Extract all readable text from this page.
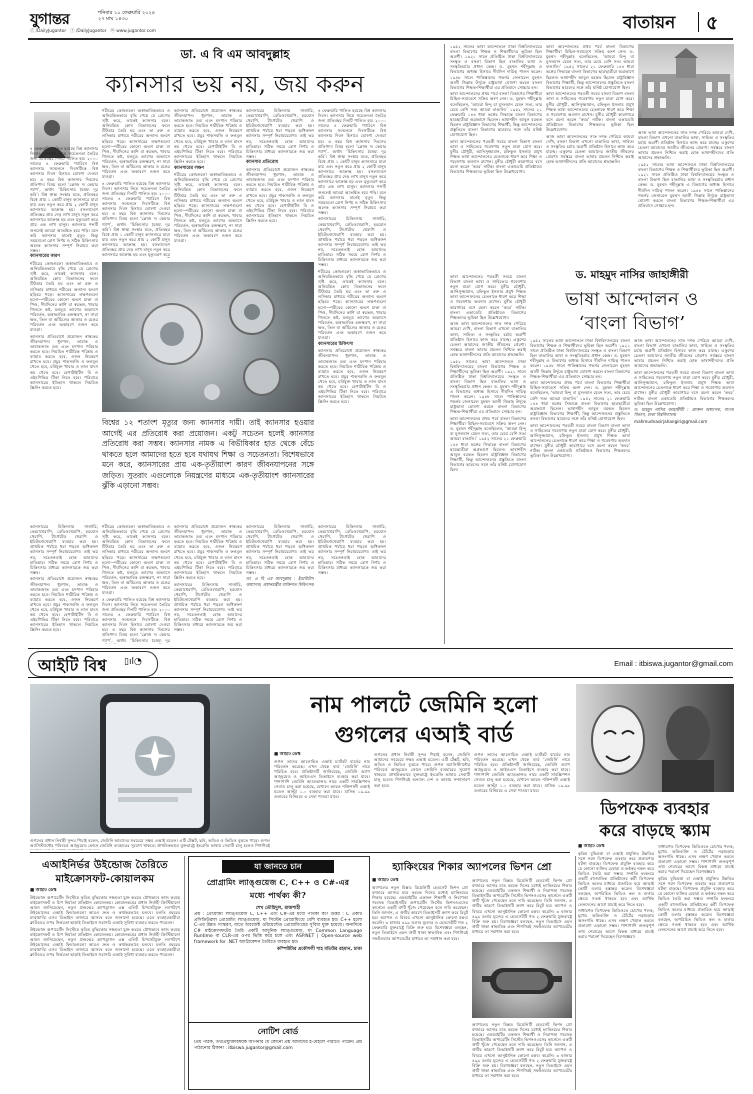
যুগান্তর	শনিবার ১০ ফেব্রুয়ারি ২০২৪
২৭ মাঘ ১৪৩০
ⓕ /DailyJugantor ⓣ /DailyJugantor ⓦ www.jugantor.com	বাতায়ন ৫
ডা. এ বি এম আবদুল্লাহ
ক্যানসার ভয় নয়, জয় করুন

৪ ফেব্রুয়ারি পালিত হয়েছে বিশ্ব ক্যানসার দিবস। ক্যানসার নিয়ে সচেতনতা তৈরির জন্য প্রতিবছর দিনটি পালিত হয়। ২০০০ সালের ৪ ফেব্রুয়ারি প্যারিসে বিশ্ব ক্যানসার সম্মেলনে দিবসটিকে বিশ্ব ক্যানসার দিবস হিসাবে ঘোষণা দেওয়া হয়। এ বছর বিশ্ব ক্যানসার দিবসের প্রতিপাদ্য বিষয় হলো ‘ক্লোজ দ্য কেয়ার গ্যাপ’, অর্থাৎ ‘চিকিৎসায় বৈষম্য দূর করি’। বিশ্ব স্বাস্থ্য সংস্থার মতে, প্রতিবছর বিশ্বে প্রায় ১ কোটি মানুষ ক্যানসারে মারা যায় এবং নতুন করে প্রায় ২ কোটি মানুষ ক্যানসারে আক্রান্ত হয়। বাংলাদেশে প্রতিবছর প্রায় দেড় লাখ মানুষ নতুন করে ক্যানসারে আক্রান্ত হয় এবং মৃত্যুবরণ করে প্রায় এক লাখ মানুষ। ক্যানসার শব্দটি শুনলেই আমরা আতঙ্কিত হয়ে পড়ি। মনে করি ক্যানসার মানেই মৃত্যু। কিন্তু সময়মতো রোগ নির্ণয় ও সঠিক চিকিৎসায় অনেক ক্যানসার সম্পূর্ণ নিরাময় করা সম্ভব।

ক্যানসারের কারণ

শরীরের কোষগুলো অস্বাভাবিকভাবে ও অনিয়ন্ত্রিতভাবে বৃদ্ধি পেয়ে যে রোগের সৃষ্টি করে, তাকেই ক্যানসার বলে। অনিয়ন্ত্রিত কোষ বিভাজনের ফলে টিউমার তৈরি হয় এবং তা রক্ত ও লসিকার মাধ্যমে শরীরের অন্যান্য অংশে ছড়িয়ে পড়ে। ক্যানসারের লক্ষণগুলো হলো—শরীরের কোনো অংশে চাকা বা পিণ্ড, দীর্ঘদিনের কাশি বা স্বরভঙ্গ, খাবার গিলতে কষ্ট, মলমূত্র ত্যাগের অভ্যাসে পরিবর্তন, অস্বাভাবিক রক্তক্ষরণ, না সারা ক্ষত, তিল বা আঁচিলের আকার ও রঙের পরিবর্তন এবং অকারণে ওজন কমে যাওয়া।

ক্যানসার প্রতিরোধে প্রয়োজন স্বাস্থ্যকর জীবনযাপন। ধূমপান, তামাক ও তামাকজাত দ্রব্য এবং মদপান পরিহার করতে হবে। নিয়মিত শারীরিক পরিশ্রম ও ব্যায়াম করতে হবে, ওজন নিয়ন্ত্রণে রাখতে হবে। প্রচুর শাকসবজি ও ফলমূল খেতে হবে, চর্বিযুক্ত খাবার ও লাল মাংস কম খেতে হবে। হেপাটাইটিস বি ও এইচপিভির টিকা নিতে হবে। পরিবারে ক্যানসারের ইতিহাস থাকলে নিয়মিত স্ক্রিনিং করতে হবে।

শরীরের কোষগুলো অস্বাভাবিকভাবে ও অনিয়ন্ত্রিতভাবে বৃদ্ধি পেয়ে যে রোগের সৃষ্টি করে, তাকেই ক্যানসার বলে। অনিয়ন্ত্রিত কোষ বিভাজনের ফলে টিউমার তৈরি হয় এবং তা রক্ত ও লসিকার মাধ্যমে শরীরের অন্যান্য অংশে ছড়িয়ে পড়ে। ক্যানসারের লক্ষণগুলো হলো—শরীরের কোনো অংশে চাকা বা পিণ্ড, দীর্ঘদিনের কাশি বা স্বরভঙ্গ, খাবার গিলতে কষ্ট, মলমূত্র ত্যাগের অভ্যাসে পরিবর্তন, অস্বাভাবিক রক্তক্ষরণ, না সারা ক্ষত, তিল বা আঁচিলের আকার ও রঙের পরিবর্তন এবং অকারণে ওজন কমে যাওয়া।

৪ ফেব্রুয়ারি পালিত হয়েছে বিশ্ব ক্যানসার দিবস। ক্যানসার নিয়ে সচেতনতা তৈরির জন্য প্রতিবছর দিনটি পালিত হয়। ২০০০ সালের ৪ ফেব্রুয়ারি প্যারিসে বিশ্ব ক্যানসার সম্মেলনে দিবসটিকে বিশ্ব ক্যানসার দিবস হিসাবে ঘোষণা দেওয়া হয়। এ বছর বিশ্ব ক্যানসার দিবসের প্রতিপাদ্য বিষয় হলো ‘ক্লোজ দ্য কেয়ার গ্যাপ’, অর্থাৎ ‘চিকিৎসায় বৈষম্য দূর করি’। বিশ্ব স্বাস্থ্য সংস্থার মতে, প্রতিবছর বিশ্বে প্রায় ১ কোটি মানুষ ক্যানসারে মারা যায় এবং নতুন করে প্রায় ২ কোটি মানুষ ক্যানসারে আক্রান্ত হয়। বাংলাদেশে প্রতিবছর প্রায় দেড় লাখ মানুষ নতুন করে ক্যানসারে আক্রান্ত হয় এবং মৃত্যুবরণ করে

ক্যানসার প্রতিরোধে প্রয়োজন স্বাস্থ্যকর জীবনযাপন। ধূমপান, তামাক ও তামাকজাত দ্রব্য এবং মদপান পরিহার করতে হবে। নিয়মিত শারীরিক পরিশ্রম ও ব্যায়াম করতে হবে, ওজন নিয়ন্ত্রণে রাখতে হবে। প্রচুর শাকসবজি ও ফলমূল খেতে হবে, চর্বিযুক্ত খাবার ও লাল মাংস কম খেতে হবে। হেপাটাইটিস বি ও এইচপিভির টিকা নিতে হবে। পরিবারে ক্যানসারের ইতিহাস থাকলে নিয়মিত স্ক্রিনিং করতে হবে।

ক্যানসারের লক্ষণ

শরীরের কোষগুলো অস্বাভাবিকভাবে ও অনিয়ন্ত্রিতভাবে বৃদ্ধি পেয়ে যে রোগের সৃষ্টি করে, তাকেই ক্যানসার বলে। অনিয়ন্ত্রিত কোষ বিভাজনের ফলে টিউমার তৈরি হয় এবং তা রক্ত ও লসিকার মাধ্যমে শরীরের অন্যান্য অংশে ছড়িয়ে পড়ে। ক্যানসারের লক্ষণগুলো হলো—শরীরের কোনো অংশে চাকা বা পিণ্ড, দীর্ঘদিনের কাশি বা স্বরভঙ্গ, খাবার গিলতে কষ্ট, মলমূত্র ত্যাগের অভ্যাসে পরিবর্তন, অস্বাভাবিক রক্তক্ষরণ, না সারা ক্ষত, তিল বা আঁচিলের আকার ও রঙের পরিবর্তন এবং অকারণে ওজন কমে যাওয়া।

ক্যানসারের চিকিৎসায় সার্জারি, কেমোথেরাপি, রেডিওথেরাপি, হরমোন থেরাপি, টার্গেটেড থেরাপি ও ইমিউনোথেরাপি ব্যবহার করা হয়। প্রাথমিক পর্যায়ে ধরা পড়লে অধিকাংশ ক্যানসার সম্পূর্ণ নিরাময়যোগ্য। তাই ভয় নয়, সচেতনতাই হোক আমাদের হাতিয়ার। সঠিক সময়ে রোগ নির্ণয় ও চিকিৎসার মাধ্যমে ক্যানসারকে জয় করা সম্ভব।

ক্যানসার প্রতিরোধ

ক্যানসার প্রতিরোধে প্রয়োজন স্বাস্থ্যকর জীবনযাপন। ধূমপান, তামাক ও তামাকজাত দ্রব্য এবং মদপান পরিহার করতে হবে। নিয়মিত শারীরিক পরিশ্রম ও ব্যায়াম করতে হবে, ওজন নিয়ন্ত্রণে রাখতে হবে। প্রচুর শাকসবজি ও ফলমূল খেতে হবে, চর্বিযুক্ত খাবার ও লাল মাংস কম খেতে হবে। হেপাটাইটিস বি ও এইচপিভির টিকা নিতে হবে। পরিবারে ক্যানসারের ইতিহাস থাকলে নিয়মিত স্ক্রিনিং করতে হবে।

৪ ফেব্রুয়ারি পালিত হয়েছে বিশ্ব ক্যানসার দিবস। ক্যানসার নিয়ে সচেতনতা তৈরির জন্য প্রতিবছর দিনটি পালিত হয়। ২০০০ সালের ৪ ফেব্রুয়ারি প্যারিসে বিশ্ব ক্যানসার সম্মেলনে দিবসটিকে বিশ্ব ক্যানসার দিবস হিসাবে ঘোষণা দেওয়া হয়। এ বছর বিশ্ব ক্যানসার দিবসের প্রতিপাদ্য বিষয় হলো ‘ক্লোজ দ্য কেয়ার গ্যাপ’, অর্থাৎ ‘চিকিৎসায় বৈষম্য দূর করি’। বিশ্ব স্বাস্থ্য সংস্থার মতে, প্রতিবছর বিশ্বে প্রায় ১ কোটি মানুষ ক্যানসারে মারা যায় এবং নতুন করে প্রায় ২ কোটি মানুষ ক্যানসারে আক্রান্ত হয়। বাংলাদেশে প্রতিবছর প্রায় দেড় লাখ মানুষ নতুন করে ক্যানসারে আক্রান্ত হয় এবং মৃত্যুবরণ করে প্রায় এক লাখ মানুষ। ক্যানসার শব্দটি শুনলেই আমরা আতঙ্কিত হয়ে পড়ি। মনে করি ক্যানসার মানেই মৃত্যু। কিন্তু সময়মতো রোগ নির্ণয় ও সঠিক চিকিৎসায় অনেক ক্যানসার সম্পূর্ণ নিরাময় করা সম্ভব।

ক্যানসারের চিকিৎসায় সার্জারি, কেমোথেরাপি, রেডিওথেরাপি, হরমোন থেরাপি, টার্গেটেড থেরাপি ও ইমিউনোথেরাপি ব্যবহার করা হয়। প্রাথমিক পর্যায়ে ধরা পড়লে অধিকাংশ ক্যানসার সম্পূর্ণ নিরাময়যোগ্য। তাই ভয় নয়, সচেতনতাই হোক আমাদের হাতিয়ার। সঠিক সময়ে রোগ নির্ণয় ও চিকিৎসার মাধ্যমে ক্যানসারকে জয় করা সম্ভব।

শরীরের কোষগুলো অস্বাভাবিকভাবে ও অনিয়ন্ত্রিতভাবে বৃদ্ধি পেয়ে যে রোগের সৃষ্টি করে, তাকেই ক্যানসার বলে। অনিয়ন্ত্রিত কোষ বিভাজনের ফলে টিউমার তৈরি হয় এবং তা রক্ত ও লসিকার মাধ্যমে শরীরের অন্যান্য অংশে ছড়িয়ে পড়ে। ক্যানসারের লক্ষণগুলো হলো—শরীরের কোনো অংশে চাকা বা পিণ্ড, দীর্ঘদিনের কাশি বা স্বরভঙ্গ, খাবার গিলতে কষ্ট, মলমূত্র ত্যাগের অভ্যাসে পরিবর্তন, অস্বাভাবিক রক্তক্ষরণ, না সারা ক্ষত, তিল বা আঁচিলের আকার ও রঙের পরিবর্তন এবং অকারণে ওজন কমে যাওয়া।

ক্যানসারের চিকিৎসা

ক্যানসার প্রতিরোধে প্রয়োজন স্বাস্থ্যকর জীবনযাপন। ধূমপান, তামাক ও তামাকজাত দ্রব্য এবং মদপান পরিহার করতে হবে। নিয়মিত শারীরিক পরিশ্রম ও ব্যায়াম করতে হবে, ওজন নিয়ন্ত্রণে রাখতে হবে। প্রচুর শাকসবজি ও ফলমূল খেতে হবে, চর্বিযুক্ত খাবার ও লাল মাংস কম খেতে হবে। হেপাটাইটিস বি ও এইচপিভির টিকা নিতে হবে। পরিবারে ক্যানসারের ইতিহাস থাকলে নিয়মিত স্ক্রিনিং করতে হবে।

বিশ্বের ১২ শতাংশ মৃত্যুর জন্য ক্যানসার দায়ী। তাই ক্যানসার হওয়ার আগেই এর প্রতিরোধ করা প্রয়োজন। একটু সচেতন হলেই ক্যানসার প্রতিরোধ করা সম্ভব। ক্যানসার নামক এ বিভীষিকার হাত থেকে বেঁচে থাকতে হলে আমাদের হতে হবে যথাযথ শিক্ষা ও সচেতনতা। বিশেষভাবে মনে করে, ক্যানসারের প্রায় এক-তৃতীয়াংশ কারণ জীবনযাপনের সঙ্গে জড়িত। সুতরাং এগুলোকে নিয়ন্ত্রণের মাধ্যমে এক-তৃতীয়াংশ ক্যানসারের ঝুঁকি এড়ানো সম্ভব।

ক্যানসারের চিকিৎসায় সার্জারি, কেমোথেরাপি, রেডিওথেরাপি, হরমোন থেরাপি, টার্গেটেড থেরাপি ও ইমিউনোথেরাপি ব্যবহার করা হয়। প্রাথমিক পর্যায়ে ধরা পড়লে অধিকাংশ ক্যানসার সম্পূর্ণ নিরাময়যোগ্য। তাই ভয় নয়, সচেতনতাই হোক আমাদের হাতিয়ার। সঠিক সময়ে রোগ নির্ণয় ও চিকিৎসার মাধ্যমে ক্যানসারকে জয় করা সম্ভব।

ক্যানসার প্রতিরোধে প্রয়োজন স্বাস্থ্যকর জীবনযাপন। ধূমপান, তামাক ও তামাকজাত দ্রব্য এবং মদপান পরিহার করতে হবে। নিয়মিত শারীরিক পরিশ্রম ও ব্যায়াম করতে হবে, ওজন নিয়ন্ত্রণে রাখতে হবে। প্রচুর শাকসবজি ও ফলমূল খেতে হবে, চর্বিযুক্ত খাবার ও লাল মাংস কম খেতে হবে। হেপাটাইটিস বি ও এইচপিভির টিকা নিতে হবে। পরিবারে ক্যানসারের ইতিহাস থাকলে নিয়মিত স্ক্রিনিং করতে হবে।

শরীরের কোষগুলো অস্বাভাবিকভাবে ও অনিয়ন্ত্রিতভাবে বৃদ্ধি পেয়ে যে রোগের সৃষ্টি করে, তাকেই ক্যানসার বলে। অনিয়ন্ত্রিত কোষ বিভাজনের ফলে টিউমার তৈরি হয় এবং তা রক্ত ও লসিকার মাধ্যমে শরীরের অন্যান্য অংশে ছড়িয়ে পড়ে। ক্যানসারের লক্ষণগুলো হলো—শরীরের কোনো অংশে চাকা বা পিণ্ড, দীর্ঘদিনের কাশি বা স্বরভঙ্গ, খাবার গিলতে কষ্ট, মলমূত্র ত্যাগের অভ্যাসে পরিবর্তন, অস্বাভাবিক রক্তক্ষরণ, না সারা ক্ষত, তিল বা আঁচিলের আকার ও রঙের পরিবর্তন এবং অকারণে ওজন কমে যাওয়া।

৪ ফেব্রুয়ারি পালিত হয়েছে বিশ্ব ক্যানসার দিবস। ক্যানসার নিয়ে সচেতনতা তৈরির জন্য প্রতিবছর দিনটি পালিত হয়। ২০০০ সালের ৪ ফেব্রুয়ারি প্যারিসে বিশ্ব ক্যানসার সম্মেলনে দিবসটিকে বিশ্ব ক্যানসার দিবস হিসাবে ঘোষণা দেওয়া হয়। এ বছর বিশ্ব ক্যানসার দিবসের প্রতিপাদ্য বিষয় হলো ‘ক্লোজ দ্য কেয়ার গ্যাপ’, অর্থাৎ ‘চিকিৎসায় বৈষম্য দূর

ক্যানসার প্রতিরোধে প্রয়োজন স্বাস্থ্যকর জীবনযাপন। ধূমপান, তামাক ও তামাকজাত দ্রব্য এবং মদপান পরিহার করতে হবে। নিয়মিত শারীরিক পরিশ্রম ও ব্যায়াম করতে হবে, ওজন নিয়ন্ত্রণে রাখতে হবে। প্রচুর শাকসবজি ও ফলমূল খেতে হবে, চর্বিযুক্ত খাবার ও লাল মাংস কম খেতে হবে। হেপাটাইটিস বি ও এইচপিভির টিকা নিতে হবে। পরিবারে ক্যানসারের ইতিহাস থাকলে নিয়মিত স্ক্রিনিং করতে হবে।

ক্যানসারের চিকিৎসায় সার্জারি, কেমোথেরাপি, রেডিওথেরাপি, হরমোন থেরাপি, টার্গেটেড থেরাপি ও ইমিউনোথেরাপি ব্যবহার করা হয়। প্রাথমিক পর্যায়ে ধরা পড়লে অধিকাংশ ক্যানসার সম্পূর্ণ নিরাময়যোগ্য। তাই ভয় নয়, সচেতনতাই হোক আমাদের হাতিয়ার। সঠিক সময়ে রোগ নির্ণয় ও চিকিৎসার মাধ্যমে ক্যানসারকে জয় করা সম্ভব।

ক্যানসারের চিকিৎসায় সার্জারি, কেমোথেরাপি, রেডিওথেরাপি, হরমোন থেরাপি, টার্গেটেড থেরাপি ও ইমিউনোথেরাপি ব্যবহার করা হয়। প্রাথমিক পর্যায়ে ধরা পড়লে অধিকাংশ ক্যানসার সম্পূর্ণ নিরাময়যোগ্য। তাই ভয় নয়, সচেতনতাই হোক আমাদের হাতিয়ার। সঠিক সময়ে রোগ নির্ণয় ও চিকিৎসার মাধ্যমে ক্যানসারকে জয় করা সম্ভব।

ডা. এ বি এম আবদুল্লাহ : ইমেরিটাস অধ্যাপক, প্রধানমন্ত্রীর ব্যক্তিগত চিকিৎসক

ক্যানসারের চিকিৎসায় সার্জারি, কেমোথেরাপি, রেডিওথেরাপি, হরমোন থেরাপি, টার্গেটেড থেরাপি ও ইমিউনোথেরাপি ব্যবহার করা হয়। প্রাথমিক পর্যায়ে ধরা পড়লে অধিকাংশ ক্যানসার সম্পূর্ণ নিরাময়যোগ্য। তাই ভয় নয়, সচেতনতাই হোক আমাদের হাতিয়ার। সঠিক সময়ে রোগ নির্ণয় ও চিকিৎসার মাধ্যমে ক্যানসারকে জয় করা সম্ভব।

১৯৫২ সালের ভাষা আন্দোলনে ঢাকা বিশ্ববিদ্যালয়ের বাংলা বিভাগের শিক্ষক ও শিক্ষার্থীদের ভূমিকা ছিল অগ্রণী। ১৯২১ সালে প্রতিষ্ঠিত ঢাকা বিশ্ববিদ্যালয়ের সংস্কৃত ও বাংলা বিভাগ ছিল বাঙালির ভাষা ও সংস্কৃতিচর্চার প্রধান কেন্দ্র। ড. মুহম্মদ শহীদুল্লাহ এ বিভাগের অধ্যক্ষ হিসাবে দীর্ঘদিন দায়িত্ব পালন করেন। ১৯৪৮ সালে পাকিস্তানের গভর্নর জেনারেল মুহম্মদ আলী জিন্নাহ উর্দুকে রাষ্ট্রভাষা ঘোষণা করলে বাংলা বিভাগের শিক্ষক-শিক্ষার্থীরা এর প্রতিবাদে সোচ্চার হন।

ভাষা আন্দোলনের প্রথম পর্বে বাংলা বিভাগের শিক্ষার্থীরা মিছিল-সমাবেশে সক্রিয় অংশ নেন। ড. মুহম্মদ শহীদুল্লাহ বলেছিলেন, ‘আমরা হিন্দু বা মুসলমান যেমন সত্য, তার চেয়ে বেশি সত্য আমরা বাঙালি।’ ১৯৫২ সালের ২১ ফেব্রুয়ারি ১৪৪ ধারা ভঙ্গের সিদ্ধান্তে বাংলা বিভাগের ছাত্রছাত্রীরা অগ্রভাগে ছিলেন। ভাষাশহীদ আবুল বরকত ছিলেন রাষ্ট্রবিজ্ঞান বিভাগের শিক্ষার্থী, কিন্তু আন্দোলনের প্রস্তুতিতে বাংলা বিভাগের ছাত্রদের সঙ্গে তাঁর ঘনিষ্ঠ যোগাযোগ ছিল।

ভাষা আন্দোলনের পরবর্তী সময়ে বাংলা বিভাগ বাংলা ভাষা ও সাহিত্যের গবেষণায় নতুন মাত্রা যোগ করে। মুনীর চৌধুরী, আনিসুজ্জামান, রফিকুল ইসলাম প্রমুখ শিক্ষক ভাষা আন্দোলনের চেতনাকে ধারণ করে শিক্ষা ও গবেষণায় অবদান রাখেন। মুনীর চৌধুরী কারাগারে বসে রচনা করেন ‘কবর’ নাটক। বাংলা একাডেমি প্রতিষ্ঠায়ও বিভাগের শিক্ষকদের ভূমিকা ছিল উল্লেখযোগ্য।

ভাষা আন্দোলনের প্রথম পর্বে বাংলা বিভাগের শিক্ষার্থীরা মিছিল-সমাবেশে সক্রিয় অংশ নেন। ড. মুহম্মদ শহীদুল্লাহ বলেছিলেন, ‘আমরা হিন্দু বা মুসলমান যেমন সত্য, তার চেয়ে বেশি সত্য আমরা বাঙালি।’ ১৯৫২ সালের ২১ ফেব্রুয়ারি ১৪৪ ধারা ভঙ্গের সিদ্ধান্তে বাংলা বিভাগের ছাত্রছাত্রীরা অগ্রভাগে ছিলেন। ভাষাশহীদ আবুল বরকত ছিলেন রাষ্ট্রবিজ্ঞান বিভাগের শিক্ষার্থী, কিন্তু আন্দোলনের প্রস্তুতিতে বাংলা বিভাগের ছাত্রদের সঙ্গে তাঁর ঘনিষ্ঠ যোগাযোগ ছিল।

ভাষা আন্দোলনের পরবর্তী সময়ে বাংলা বিভাগ বাংলা ভাষা ও সাহিত্যের গবেষণায় নতুন মাত্রা যোগ করে। মুনীর চৌধুরী, আনিসুজ্জামান, রফিকুল ইসলাম প্রমুখ শিক্ষক ভাষা আন্দোলনের চেতনাকে ধারণ করে শিক্ষা ও গবেষণায় অবদান রাখেন। মুনীর চৌধুরী কারাগারে বসে রচনা করেন ‘কবর’ নাটক। বাংলা একাডেমি প্রতিষ্ঠায়ও বিভাগের শিক্ষকদের ভূমিকা ছিল উল্লেখযোগ্য।

আজ ভাষা আন্দোলনের সাত দশক পেরিয়ে আমরা দেখি, বাংলা বিভাগ এখনো বাঙালির ভাষা, সাহিত্য ও সংস্কৃতির চর্চায় অগ্রণী প্রতিষ্ঠান হিসাবে কাজ করে যাচ্ছে। একুশের চেতনা আমাদের জাতীয় জীবনের প্রেরণা। সর্বস্তরে বাংলা ভাষার প্রচলন নিশ্চিত করাই হোক ভাষাশহীদদের প্রতি আমাদের শ্রদ্ধাঞ্জলি।

আজ ভাষা আন্দোলনের সাত দশক পেরিয়ে আমরা দেখি, বাংলা বিভাগ এখনো বাঙালির ভাষা, সাহিত্য ও সংস্কৃতির চর্চায় অগ্রণী প্রতিষ্ঠান হিসাবে কাজ করে যাচ্ছে। একুশের চেতনা আমাদের জাতীয় জীবনের প্রেরণা। সর্বস্তরে বাংলা ভাষার প্রচলন নিশ্চিত করাই হোক ভাষাশহীদদের প্রতি আমাদের শ্রদ্ধাঞ্জলি।

১৯৫২ সালের ভাষা আন্দোলনে ঢাকা বিশ্ববিদ্যালয়ের বাংলা বিভাগের শিক্ষক ও শিক্ষার্থীদের ভূমিকা ছিল অগ্রণী। ১৯২১ সালে প্রতিষ্ঠিত ঢাকা বিশ্ববিদ্যালয়ের সংস্কৃত ও বাংলা বিভাগ ছিল বাঙালির ভাষা ও সংস্কৃতিচর্চার প্রধান কেন্দ্র। ড. মুহম্মদ শহীদুল্লাহ এ বিভাগের অধ্যক্ষ হিসাবে দীর্ঘদিন দায়িত্ব পালন করেন। ১৯৪৮ সালে পাকিস্তানের গভর্নর জেনারেল মুহম্মদ আলী জিন্নাহ উর্দুকে রাষ্ট্রভাষা ঘোষণা করলে বাংলা বিভাগের শিক্ষক-শিক্ষার্থীরা এর প্রতিবাদে সোচ্চার হন।

ড. মাহমুদ নাসির জাহাঙ্গীরী
ভাষা আন্দোলন ও
‘বাংলা বিভাগ’

ভাষা আন্দোলনের পরবর্তী সময়ে বাংলা বিভাগ বাংলা ভাষা ও সাহিত্যের গবেষণায় নতুন মাত্রা যোগ করে। মুনীর চৌধুরী, আনিসুজ্জামান, রফিকুল ইসলাম প্রমুখ শিক্ষক ভাষা আন্দোলনের চেতনাকে ধারণ করে শিক্ষা ও গবেষণায় অবদান রাখেন। মুনীর চৌধুরী কারাগারে বসে রচনা করেন ‘কবর’ নাটক। বাংলা একাডেমি প্রতিষ্ঠায়ও বিভাগের শিক্ষকদের ভূমিকা ছিল উল্লেখযোগ্য।

আজ ভাষা আন্দোলনের সাত দশক পেরিয়ে আমরা দেখি, বাংলা বিভাগ এখনো বাঙালির ভাষা, সাহিত্য ও সংস্কৃতির চর্চায় অগ্রণী প্রতিষ্ঠান হিসাবে কাজ করে যাচ্ছে। একুশের চেতনা আমাদের জাতীয় জীবনের প্রেরণা। সর্বস্তরে বাংলা ভাষার প্রচলন নিশ্চিত করাই হোক ভাষাশহীদদের প্রতি আমাদের শ্রদ্ধাঞ্জলি।

১৯৫২ সালের ভাষা আন্দোলনে ঢাকা বিশ্ববিদ্যালয়ের বাংলা বিভাগের শিক্ষক ও শিক্ষার্থীদের ভূমিকা ছিল অগ্রণী। ১৯২১ সালে প্রতিষ্ঠিত ঢাকা বিশ্ববিদ্যালয়ের সংস্কৃত ও বাংলা বিভাগ ছিল বাঙালির ভাষা ও সংস্কৃতিচর্চার প্রধান কেন্দ্র। ড. মুহম্মদ শহীদুল্লাহ এ বিভাগের অধ্যক্ষ হিসাবে দীর্ঘদিন দায়িত্ব পালন করেন। ১৯৪৮ সালে পাকিস্তানের গভর্নর জেনারেল মুহম্মদ আলী জিন্নাহ উর্দুকে রাষ্ট্রভাষা ঘোষণা করলে বাংলা বিভাগের শিক্ষক-শিক্ষার্থীরা এর প্রতিবাদে সোচ্চার হন।

ভাষা আন্দোলনের প্রথম পর্বে বাংলা বিভাগের শিক্ষার্থীরা মিছিল-সমাবেশে সক্রিয় অংশ নেন। ড. মুহম্মদ শহীদুল্লাহ বলেছিলেন, ‘আমরা হিন্দু বা মুসলমান যেমন সত্য, তার চেয়ে বেশি সত্য আমরা বাঙালি।’ ১৯৫২ সালের ২১ ফেব্রুয়ারি ১৪৪ ধারা ভঙ্গের সিদ্ধান্তে বাংলা বিভাগের ছাত্রছাত্রীরা অগ্রভাগে ছিলেন। ভাষাশহীদ আবুল বরকত ছিলেন রাষ্ট্রবিজ্ঞান বিভাগের শিক্ষার্থী, কিন্তু আন্দোলনের প্রস্তুতিতে বাংলা বিভাগের ছাত্রদের সঙ্গে তাঁর ঘনিষ্ঠ যোগাযোগ ছিল।

১৯৫২ সালের ভাষা আন্দোলনে ঢাকা বিশ্ববিদ্যালয়ের বাংলা বিভাগের শিক্ষক ও শিক্ষার্থীদের ভূমিকা ছিল অগ্রণী। ১৯২১ সালে প্রতিষ্ঠিত ঢাকা বিশ্ববিদ্যালয়ের সংস্কৃত ও বাংলা বিভাগ ছিল বাঙালির ভাষা ও সংস্কৃতিচর্চার প্রধান কেন্দ্র। ড. মুহম্মদ শহীদুল্লাহ এ বিভাগের অধ্যক্ষ হিসাবে দীর্ঘদিন দায়িত্ব পালন করেন। ১৯৪৮ সালে পাকিস্তানের গভর্নর জেনারেল মুহম্মদ আলী জিন্নাহ উর্দুকে রাষ্ট্রভাষা ঘোষণা করলে বাংলা বিভাগের শিক্ষক-শিক্ষার্থীরা এর প্রতিবাদে সোচ্চার হন।

ভাষা আন্দোলনের প্রথম পর্বে বাংলা বিভাগের শিক্ষার্থীরা মিছিল-সমাবেশে সক্রিয় অংশ নেন। ড. মুহম্মদ শহীদুল্লাহ বলেছিলেন, ‘আমরা হিন্দু বা মুসলমান যেমন সত্য, তার চেয়ে বেশি সত্য আমরা বাঙালি।’ ১৯৫২ সালের ২১ ফেব্রুয়ারি ১৪৪ ধারা ভঙ্গের সিদ্ধান্তে বাংলা বিভাগের ছাত্রছাত্রীরা অগ্রভাগে ছিলেন। ভাষাশহীদ আবুল বরকত ছিলেন রাষ্ট্রবিজ্ঞান বিভাগের শিক্ষার্থী, কিন্তু আন্দোলনের প্রস্তুতিতে বাংলা বিভাগের ছাত্রদের সঙ্গে তাঁর ঘনিষ্ঠ যোগাযোগ ছিল।

ভাষা আন্দোলনের পরবর্তী সময়ে বাংলা বিভাগ বাংলা ভাষা ও সাহিত্যের গবেষণায় নতুন মাত্রা যোগ করে। মুনীর চৌধুরী, আনিসুজ্জামান, রফিকুল ইসলাম প্রমুখ শিক্ষক ভাষা আন্দোলনের চেতনাকে ধারণ করে শিক্ষা ও গবেষণায় অবদান রাখেন। মুনীর চৌধুরী কারাগারে বসে রচনা করেন ‘কবর’ নাটক। বাংলা একাডেমি প্রতিষ্ঠায়ও বিভাগের শিক্ষকদের ভূমিকা ছিল উল্লেখযোগ্য।

আজ ভাষা আন্দোলনের সাত দশক পেরিয়ে আমরা দেখি, বাংলা বিভাগ এখনো বাঙালির ভাষা, সাহিত্য ও সংস্কৃতির চর্চায় অগ্রণী প্রতিষ্ঠান হিসাবে কাজ করে যাচ্ছে। একুশের চেতনা আমাদের জাতীয় জীবনের প্রেরণা। সর্বস্তরে বাংলা ভাষার প্রচলন নিশ্চিত করাই হোক ভাষাশহীদদের প্রতি আমাদের শ্রদ্ধাঞ্জলি।

ভাষা আন্দোলনের পরবর্তী সময়ে বাংলা বিভাগ বাংলা ভাষা ও সাহিত্যের গবেষণায় নতুন মাত্রা যোগ করে। মুনীর চৌধুরী, আনিসুজ্জামান, রফিকুল ইসলাম প্রমুখ শিক্ষক ভাষা আন্দোলনের চেতনাকে ধারণ করে শিক্ষা ও গবেষণায় অবদান রাখেন। মুনীর চৌধুরী কারাগারে বসে রচনা করেন ‘কবর’ নাটক। বাংলা একাডেমি প্রতিষ্ঠায়ও বিভাগের শিক্ষকদের ভূমিকা ছিল উল্লেখযোগ্য।

ড. মাহমুদ নাসির জাহাঙ্গীরী : প্রাক্তন অধ্যাপক, বাংলা বিভাগ, ঢাকা বিশ্ববিদ্যালয়

mahmudnasirjahangiri@gmail.com

আইটি বিশ্ব ▯ıl◔	Email : itbiswa.jugantor@gmail.com
নাম পালটে জেমিনি হলো
গুগলের এআই বার্ড

■ আইটি ডেস্ক

গুগল তাদের আলোচিত এআই চ্যাটবট বার্ডের নাম পরিবর্তন করেছে। এখন থেকে বার্ড ‘জেমিনি’ নামে পরিচিত হবে। প্রতিষ্ঠানটি জানিয়েছে, জেমিনি অ্যাপ অ্যান্ড্রয়েড ও আইওএস ডিভাইসে ব্যবহার করা যাবে। পাশাপাশি জেমিনি অ্যাডভান্সড নামে একটি সাবস্ক্রিপশন সেবাও চালু করা হয়েছে, যেখানে আরও শক্তিশালী এআই মডেল আল্ট্রা ১.০ ব্যবহার করা যাবে। মাসিক ১৯.৯৯ ডলারের বিনিময়ে এ সেবা পাওয়া যাবে।

গুগলের প্রধান নির্বাহী সুন্দর পিচাই বলেন, জেমিনি আমাদের সবচেয়ে সক্ষম এআই মডেল। এটি টেক্সট, ছবি, অডিও ও ভিডিও বুঝতে পারে। গুগল অ্যাসিস্ট্যান্টের পরিবর্তে অ্যান্ড্রয়েড ফোনে জেমিনি ব্যবহারের সুযোগ থাকবে। প্রাথমিকভাবে যুক্তরাষ্ট্রে ইংরেজি ভাষায় সেবাটি চালু হলেও শিগগিরই অন্যান্য দেশ ও ভাষায় সম্প্রসারণ করা হবে।

গুগল তাদের আলোচিত এআই চ্যাটবট বার্ডের নাম পরিবর্তন করেছে। এখন থেকে বার্ড ‘জেমিনি’ নামে পরিচিত হবে। প্রতিষ্ঠানটি জানিয়েছে, জেমিনি অ্যাপ অ্যান্ড্রয়েড ও আইওএস ডিভাইসে ব্যবহার করা যাবে। পাশাপাশি জেমিনি অ্যাডভান্সড নামে একটি সাবস্ক্রিপশন সেবাও চালু করা হয়েছে, যেখানে আরও শক্তিশালী এআই মডেল আল্ট্রা ১.০ ব্যবহার করা যাবে। মাসিক ১৯.৯৯ ডলারের বিনিময়ে এ সেবা পাওয়া যাবে।

গুগলের প্রধান নির্বাহী সুন্দর পিচাই বলেন, জেমিনি আমাদের সবচেয়ে সক্ষম এআই মডেল। এটি টেক্সট, ছবি, অডিও ও ভিডিও বুঝতে পারে। গুগল অ্যাসিস্ট্যান্টের পরিবর্তে অ্যান্ড্রয়েড ফোনে জেমিনি ব্যবহারের সুযোগ থাকবে। প্রাথমিকভাবে যুক্তরাষ্ট্রে ইংরেজি ভাষায় সেবাটি চালু হলেও শিগগিরই

ডিপফেক ব্যবহার
করে বাড়ছে স্ক্যাম
এআইনির্ভর উইন্ডোজ তৈরিতে
মাইক্রোসফট-কোয়ালকম

■ আইটি ডেস্ক

উইন্ডোজ অপারেটিং সিস্টেমে কৃত্রিম বুদ্ধিমত্তার সক্ষমতা যুক্ত করতে যৌথভাবে কাজ করছে মাইক্রোসফট ও চিপ নির্মাতা প্রতিষ্ঠান কোয়ালকম। কোয়ালকমের প্রধান নির্বাহী ক্রিস্টিয়ানো আমন জানিয়েছেন, নতুন প্রজন্মের স্ন্যাপড্রাগন এক্স এলিট চিপসেটযুক্ত ল্যাপটপে উইন্ডোজের এআই ফিচারগুলো আরও দ্রুত ও কার্যকরভাবে চলবে। চলতি বছরের মাঝামাঝি এসব ডিভাইস বাজারে আসবে বলে জানানো হয়েছে। এতে ব্যবহারকারীরা ক্লাউডের ওপর নির্ভরতা ছাড়াই ডিভাইসে সরাসরি এআই সুবিধা ব্যবহার করতে পারবেন।

উইন্ডোজ অপারেটিং সিস্টেমে কৃত্রিম বুদ্ধিমত্তার সক্ষমতা যুক্ত করতে যৌথভাবে কাজ করছে মাইক্রোসফট ও চিপ নির্মাতা প্রতিষ্ঠান কোয়ালকম। কোয়ালকমের প্রধান নির্বাহী ক্রিস্টিয়ানো আমন জানিয়েছেন, নতুন প্রজন্মের স্ন্যাপড্রাগন এক্স এলিট চিপসেটযুক্ত ল্যাপটপে উইন্ডোজের এআই ফিচারগুলো আরও দ্রুত ও কার্যকরভাবে চলবে। চলতি বছরের মাঝামাঝি এসব ডিভাইস বাজারে আসবে বলে জানানো হয়েছে। এতে ব্যবহারকারীরা ক্লাউডের ওপর নির্ভরতা ছাড়াই ডিভাইসে সরাসরি এআই সুবিধা ব্যবহার করতে পারবেন।

যা জানতে চান
প্রোগ্রামিং ল্যাঙ্গুয়েজ C, C++ ও C#-এর
মধ্যে পার্থক্য কী?
শেখ তৌহিদুল, রাজশাহী

প্রশ্ন : প্রোগ্রামিং ল্যাঙ্গুয়েজ C, C++ এবং C#-এর মধ্যে পার্থক্য কী? উত্তর : C একটি প্রসিডিউরাল প্রোগ্রামিং ল্যাঙ্গুয়েজ, যা সিস্টেম প্রোগ্রামিংয়ে বেশি ব্যবহৃত হয়। C++ হলো C-এর উন্নত সংস্করণ, যাতে অবজেক্ট ওরিয়েন্টেড প্রোগ্রামিংয়ের সুবিধা যুক্ত হয়েছে। অন্যদিকে C# মাইক্রোসফটের তৈরি একটি আধুনিক ল্যাঙ্গুয়েজ, যা Common Language Runtime বা CLR-এর ওপর ভিত্তি করে চলে এবং ASP.NET | Open-source web framework for .NET অ্যাপ্লিকেশন তৈরিতে ব্যবহৃত হয়।

কম্পিউটার প্রকৌশলী শাহ মতিউর রহমান, ঢাকা

নোটিশ বোর্ড

প্রিয় পাঠক, তথ্যপ্রযুক্তিবিষয়ক আপনার যে কোনো প্রশ্ন আমাদের ই-মেইলে পাঠাতে পারেন। প্রশ্ন পাঠানোর ঠিকানা : itbiswa.jugantor@gmail.com

হ্যাকিংয়ের শিকার অ্যাপলের ভিশন প্রো

■ আইটি ডেস্ক

অ্যাপলের নতুন মিক্সড রিয়েলিটি হেডসেট ভিশন প্রো বাজারে আসার মাত্র কয়েক দিনের মধ্যেই হ্যাকিংয়ের শিকার হয়েছে। এমআইটির একজন শিক্ষার্থী ও নিরাপত্তা গবেষক ডিভাইসটির অপারেটিং সিস্টেম ভিশনওএসের কার্নেলে একটি ত্রুটি খুঁজে পেয়েছেন বলে দাবি করেছেন। তিনি জানান, এ ত্রুটির কারণে ডিভাইসটি ক্র্যাশ করে রিবুট হয়। অ্যাপল এ বিষয়ে এখনো আনুষ্ঠানিক কোনো মন্তব্য করেনি। ৩ হাজার ৪৯৯ ডলার মূল্যের এ হেডসেটটি গত ২ ফেব্রুয়ারি যুক্তরাষ্ট্রে বিক্রি শুরু হয়। বিশেষজ্ঞরা বলছেন, নতুন ডিভাইসে এমন ত্রুটি থাকা স্বাভাবিক এবং শিগগিরই সফটওয়্যার আপডেটের মাধ্যমে তা সমাধান করা হবে।

অ্যাপলের নতুন মিক্সড রিয়েলিটি হেডসেট ভিশন প্রো বাজারে আসার মাত্র কয়েক দিনের মধ্যেই হ্যাকিংয়ের শিকার হয়েছে। এমআইটির একজন শিক্ষার্থী ও নিরাপত্তা গবেষক ডিভাইসটির অপারেটিং সিস্টেম ভিশনওএসের কার্নেলে একটি ত্রুটি খুঁজে পেয়েছেন বলে দাবি করেছেন। তিনি জানান, এ ত্রুটির কারণে ডিভাইসটি ক্র্যাশ করে রিবুট হয়। অ্যাপল এ বিষয়ে এখনো আনুষ্ঠানিক কোনো মন্তব্য করেনি। ৩ হাজার ৪৯৯ ডলার মূল্যের এ হেডসেটটি গত ২ ফেব্রুয়ারি যুক্তরাষ্ট্রে বিক্রি শুরু হয়। বিশেষজ্ঞরা বলছেন, নতুন ডিভাইসে এমন ত্রুটি থাকা স্বাভাবিক এবং শিগগিরই সফটওয়্যার আপডেটের মাধ্যমে তা সমাধান করা হবে।

অ্যাপলের নতুন মিক্সড রিয়েলিটি হেডসেট ভিশন প্রো বাজারে আসার মাত্র কয়েক দিনের মধ্যেই হ্যাকিংয়ের শিকার হয়েছে। এমআইটির একজন শিক্ষার্থী ও নিরাপত্তা গবেষক ডিভাইসটির অপারেটিং সিস্টেম ভিশনওএসের কার্নেলে একটি ত্রুটি খুঁজে পেয়েছেন বলে দাবি করেছেন। তিনি জানান, এ ত্রুটির কারণে ডিভাইসটি ক্র্যাশ করে রিবুট হয়। অ্যাপল এ বিষয়ে এখনো আনুষ্ঠানিক কোনো মন্তব্য করেনি। ৩ হাজার ৪৯৯ ডলার মূল্যের এ হেডসেটটি গত ২ ফেব্রুয়ারি যুক্তরাষ্ট্রে বিক্রি শুরু হয়। বিশেষজ্ঞরা বলছেন, নতুন ডিভাইসে এমন ত্রুটি থাকা স্বাভাবিক এবং শিগগিরই সফটওয়্যার আপডেটের মাধ্যমে তা সমাধান করা হবে।

■ আইটি ডেস্ক

কৃত্রিম বুদ্ধিমত্তা বা এআই প্রযুক্তির উন্নতির সঙ্গে সঙ্গে ডিপফেক ব্যবহার করে প্রতারণার ঘটনা বাড়ছে। ডিপফেক প্রযুক্তি ব্যবহার করে যে কোনো ব্যক্তির চেহারা ও কণ্ঠস্বর নকল করে ভিডিও তৈরি করা সম্ভব। সম্প্রতি হংকংয়ে একটি বহুজাতিক প্রতিষ্ঠানের কর্মী ডিপফেক ভিডিও কলের মাধ্যমে প্রতারিত হয়ে আড়াই কোটি ডলার হস্তান্তর করেন। বিশেষজ্ঞরা বলছেন, অপরিচিত ভিডিও কল ও বার্তার ক্ষেত্রে সতর্ক থাকতে হবে এবং আর্থিক লেনদেনের আগে যাচাই করে নিতে হবে।

সাধারণত ডিপফেক ভিডিওতে চোখের পলক, মুখের অভিব্যক্তি ও ঠোঁটের নড়াচড়ায় অসংগতি থাকে। এসব লক্ষণ খেয়াল করলে প্রতারণা এড়ানো সম্ভব। পাশাপাশি গুরুত্বপূর্ণ তথ্য শেয়ারের আগে বিকল্প মাধ্যমে যাচাই করার পরামর্শ দিয়েছেন বিশেষজ্ঞরা।

সাধারণত ডিপফেক ভিডিওতে চোখের পলক, মুখের অভিব্যক্তি ও ঠোঁটের নড়াচড়ায় অসংগতি থাকে। এসব লক্ষণ খেয়াল করলে প্রতারণা এড়ানো সম্ভব। পাশাপাশি গুরুত্বপূর্ণ তথ্য শেয়ারের আগে বিকল্প মাধ্যমে যাচাই করার পরামর্শ দিয়েছেন বিশেষজ্ঞরা।

কৃত্রিম বুদ্ধিমত্তা বা এআই প্রযুক্তির উন্নতির সঙ্গে সঙ্গে ডিপফেক ব্যবহার করে প্রতারণার ঘটনা বাড়ছে। ডিপফেক প্রযুক্তি ব্যবহার করে যে কোনো ব্যক্তির চেহারা ও কণ্ঠস্বর নকল করে ভিডিও তৈরি করা সম্ভব। সম্প্রতি হংকংয়ে একটি বহুজাতিক প্রতিষ্ঠানের কর্মী ডিপফেক ভিডিও কলের মাধ্যমে প্রতারিত হয়ে আড়াই কোটি ডলার হস্তান্তর করেন। বিশেষজ্ঞরা বলছেন, অপরিচিত ভিডিও কল ও বার্তার ক্ষেত্রে সতর্ক থাকতে হবে এবং আর্থিক লেনদেনের আগে যাচাই করে নিতে হবে।
